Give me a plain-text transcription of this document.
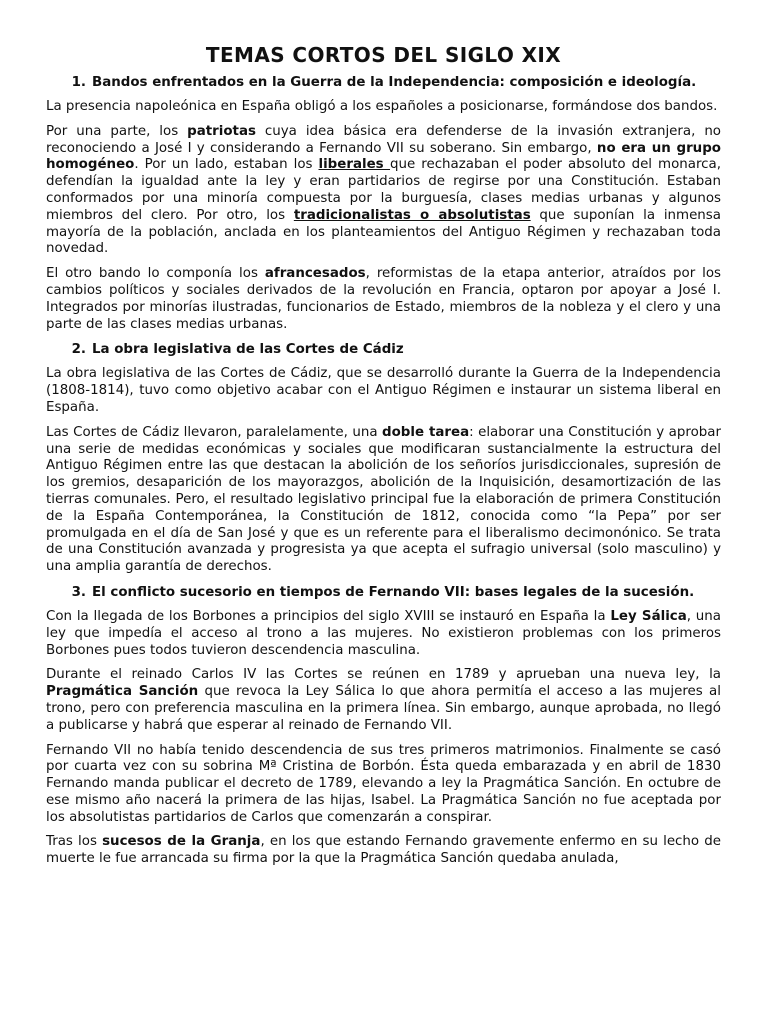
TEMAS CORTOS DEL SIGLO XIX
1. Bandos enfrentados en la Guerra de la Independencia: composición e ideología.

La presencia napoleónica en España obligó a los españoles a posicionarse, formándose dos bandos.

Por una parte, los patriotas cuya idea básica era defenderse de la invasión extranjera, no reconociendo a José I y considerando a Fernando VII su soberano. Sin embargo, no era un grupo homogéneo. Por un lado, estaban los liberales que rechazaban el poder absoluto del monarca, defendían la igualdad ante la ley y eran partidarios de regirse por una Constitución. Estaban conformados por una minoría compuesta por la burguesía, clases medias urbanas y algunos miembros del clero. Por otro, los tradicionalistas o absolutistas que suponían la inmensa mayoría de la población, anclada en los planteamientos del Antiguo Régimen y rechazaban toda novedad.

El otro bando lo componía los afrancesados, reformistas de la etapa anterior, atraídos por los cambios políticos y sociales derivados de la revolución en Francia, optaron por apoyar a José I. Integrados por minorías ilustradas, funcionarios de Estado, miembros de la nobleza y el clero y una parte de las clases medias urbanas.

2. La obra legislativa de las Cortes de Cádiz

La obra legislativa de las Cortes de Cádiz, que se desarrolló durante la Guerra de la Independencia (1808-1814), tuvo como objetivo acabar con el Antiguo Régimen e instaurar un sistema liberal en España.

Las Cortes de Cádiz llevaron, paralelamente, una doble tarea: elaborar una Constitución y aprobar una serie de medidas económicas y sociales que modificaran sustancialmente la estructura del Antiguo Régimen entre las que destacan la abolición de los señoríos jurisdiccionales, supresión de los gremios, desaparición de los mayorazgos, abolición de la Inquisición, desamortización de las tierras comunales. Pero, el resultado legislativo principal fue la elaboración de primera Constitución de la España Contemporánea, la Constitución de 1812, conocida como “la Pepa” por ser promulgada en el día de San José y que es un referente para el liberalismo decimonónico. Se trata de una Constitución avanzada y progresista ya que acepta el sufragio universal (solo masculino) y una amplia garantía de derechos.

3. El conflicto sucesorio en tiempos de Fernando VII: bases legales de la sucesión.

Con la llegada de los Borbones a principios del siglo XVIII se instauró en España la Ley Sálica, una ley que impedía el acceso al trono a las mujeres. No existieron problemas con los primeros Borbones pues todos tuvieron descendencia masculina.

Durante el reinado Carlos IV las Cortes se reúnen en 1789 y aprueban una nueva ley, la Pragmática Sanción que revoca la Ley Sálica lo que ahora permitía el acceso a las mujeres al trono, pero con preferencia masculina en la primera línea. Sin embargo, aunque aprobada, no llegó a publicarse y habrá que esperar al reinado de Fernando VII.

Fernando VII no había tenido descendencia de sus tres primeros matrimonios. Finalmente se casó por cuarta vez con su sobrina Mª Cristina de Borbón. Ésta queda embarazada y en abril de 1830 Fernando manda publicar el decreto de 1789, elevando a ley la Pragmática Sanción. En octubre de ese mismo año nacerá la primera de las hijas, Isabel. La Pragmática Sanción no fue aceptada por los absolutistas partidarios de Carlos que comenzarán a conspirar.

Tras los sucesos de la Granja, en los que estando Fernando gravemente enfermo en su lecho de muerte le fue arrancada su firma por la que la Pragmática Sanción quedaba anulada,
